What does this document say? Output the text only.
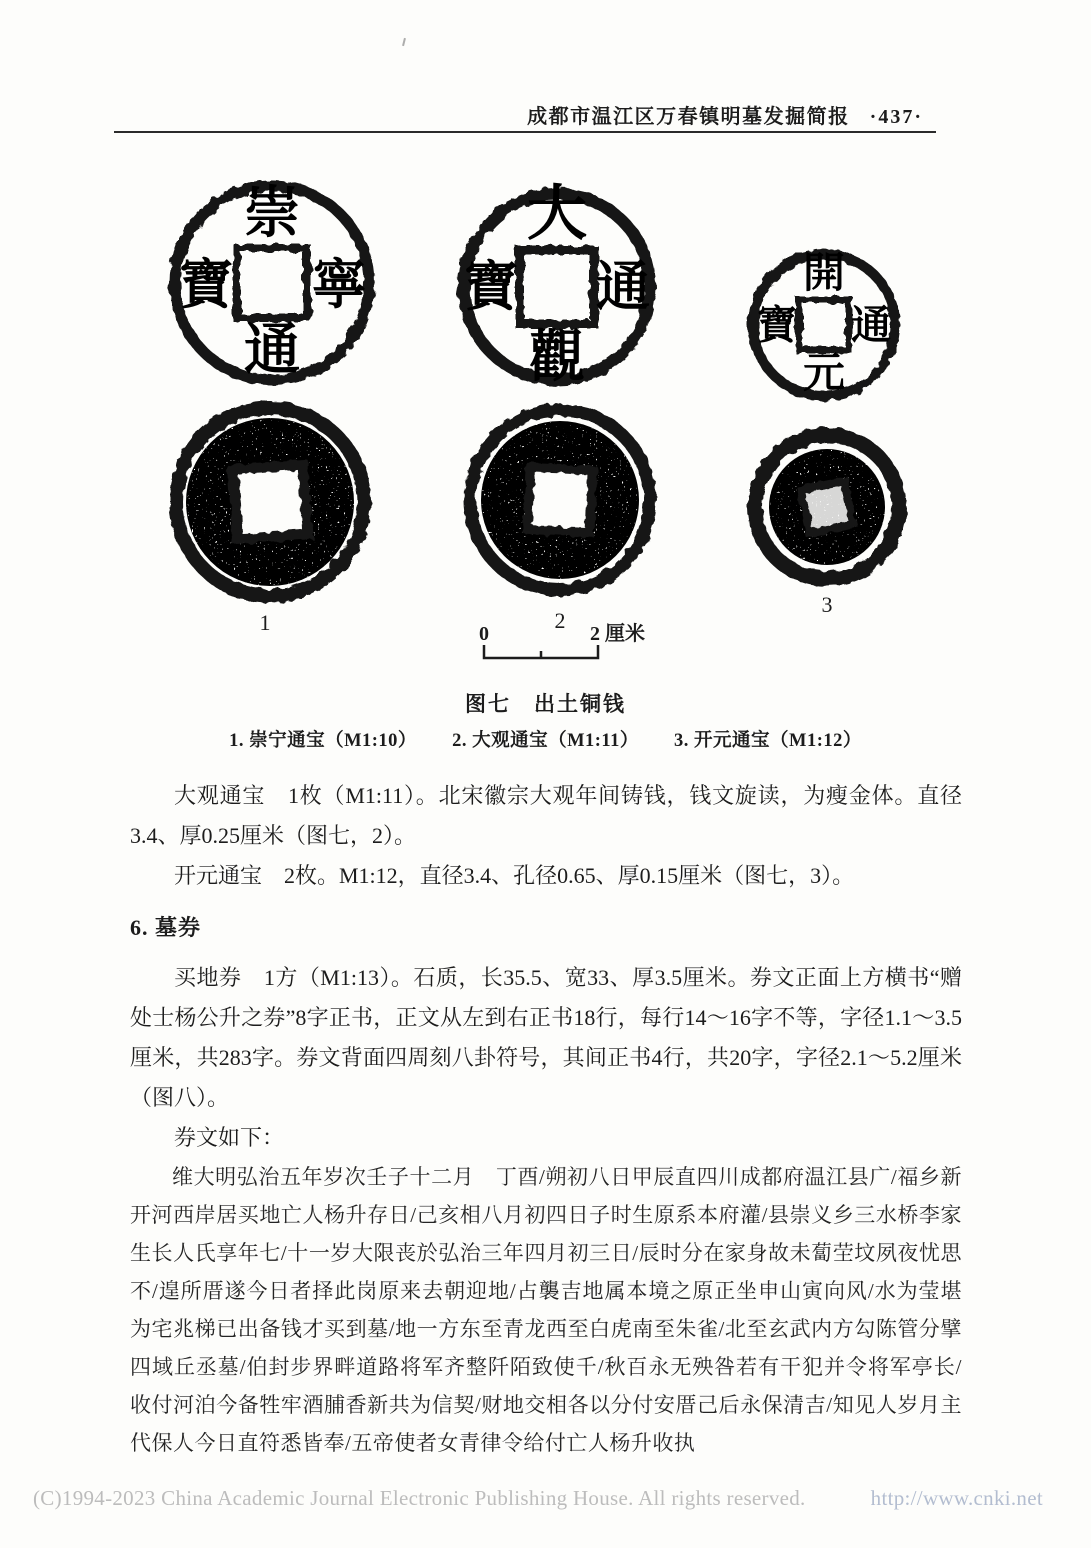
成都市温江区万春镇明墓发掘简报 ·437·
崇
寧
通
寶
大
通
觀
寶	開
通
元
寶
1	2
3
0	2 厘米
图七　出土铜钱
1. 崇宁通宝（M1:10） 2. 大观通宝（M1:11） 3. 开元通宝（M1:12）

大观通宝　1枚（M1:11）。北宋徽宗大观年间铸钱，钱文旋读，为瘦金体。直径3.4、厚0.25厘米（图七，2）。

开元通宝　2枚。M1:12，直径3.4、孔径0.65、厚0.15厘米（图七，3）。

6. 墓券

买地券　1方（M1:13）。石质，长35.5、宽33、厚3.5厘米。券文正面上方横书“赠处士杨公升之券”8字正书，正文从左到右正书18行，每行14～16字不等，字径1.1～3.5厘米，共283字。券文背面四周刻八卦符号，其间正书4行，共20字，字径2.1～5.2厘米（图八）。

券文如下：

维大明弘治五年岁次壬子十二月　丁酉/朔初八日甲辰直四川成都府温江县广/福乡新开河西岸居买地亡人杨升存日/己亥相八月初四日子时生原系本府灌/县崇义乡三水桥李家生长人氏享年七/十一岁大限丧於弘治三年四月初三日/辰时分在家身故未蔔茔坟夙夜忧思不/遑所厝遂今日者择此岗原来去朝迎地/占襲吉地属本境之原正坐申山寅向风/水为莹堪为宅兆梯已出备钱才买到墓/地一方东至青龙西至白虎南至朱雀/北至玄武内方勾陈管分擘四域丘丞墓/伯封步界畔道路将军齐整阡陌致使千/秋百永无殃咎若有干犯并令将军亭长/收付河泊今备牲牢酒脯香新共为信契/财地交相各以分付安厝己后永保清吉/知见人岁月主代保人今日直符悉皆奉/五帝使者女青律令给付亡人杨升收执

(C)1994-2023 China Academic Journal Electronic Publishing House. All rights reserved.	http://www.cnki.net
